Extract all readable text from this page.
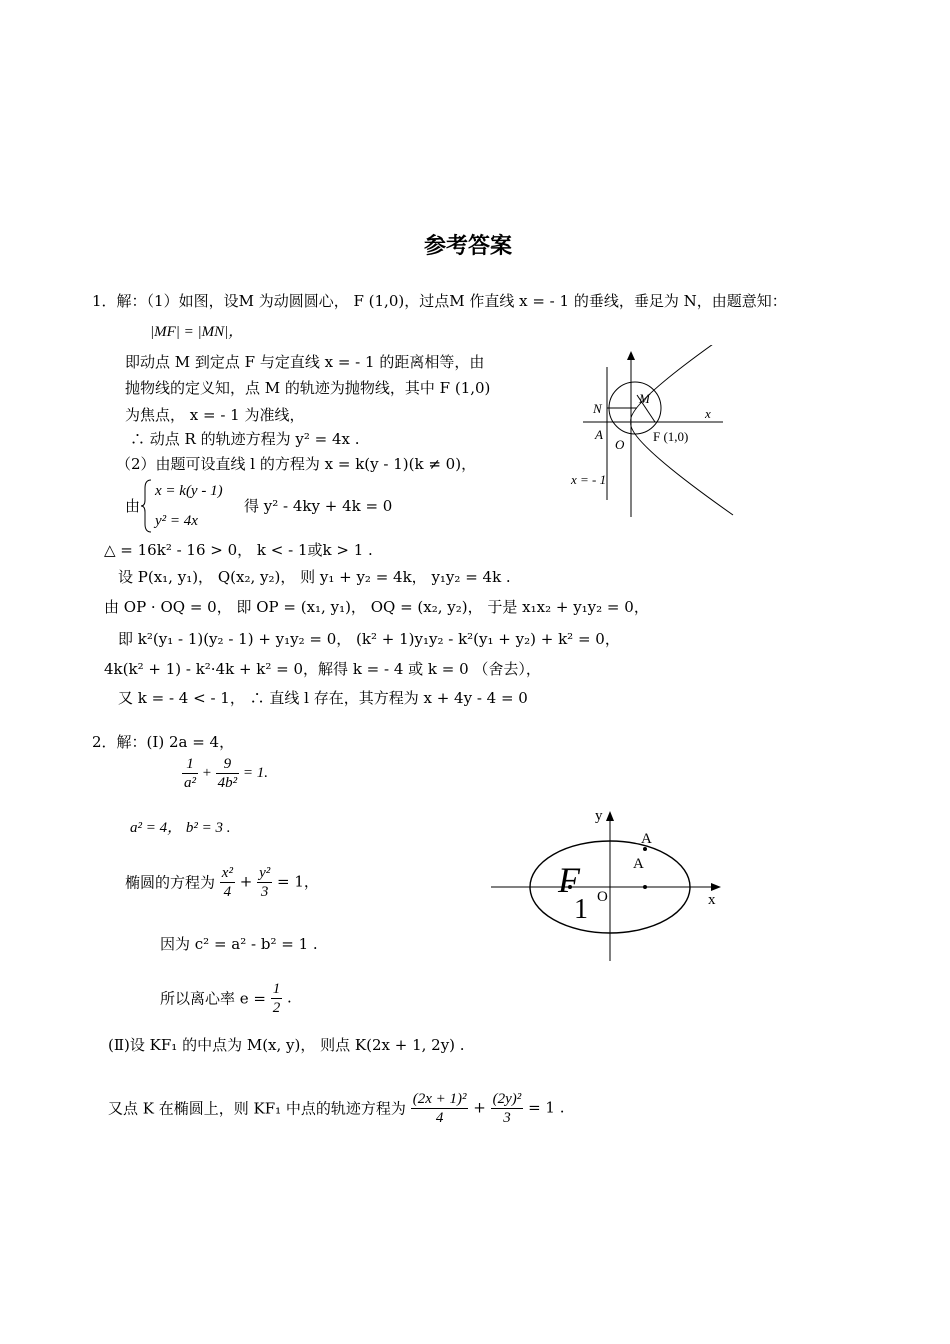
参考答案
1．解：（1）如图，设M 为动圆圆心， F (1,0)，过点M 作直线 x = - 1 的垂线，垂足为 N，由题意知：
|MF| = |MN|，
即动点 M 到定点 F 与定直线 x = - 1 的距离相等，由
抛物线的定义知，点 M 的轨迹为抛物线，其中 F (1,0)
为焦点， x = - 1 为准线，
∴ 动点 R 的轨迹方程为 y² = 4x .
（2）由题可设直线 l 的方程为 x = k(y - 1)(k ≠ 0)，
由
x = k(y - 1)
y² = 4x
得 y² - 4ky + 4k = 0
△ = 16k² - 16 > 0， k < - 1或k > 1 .
设 P(x₁, y₁)， Q(x₂, y₂)， 则 y₁ + y₂ = 4k， y₁y₂ = 4k .
由 OP · OQ = 0， 即 OP = (x₁, y₁)， OQ = (x₂, y₂)， 于是 x₁x₂ + y₁y₂ = 0，
即 k²(y₁ - 1)(y₂ - 1) + y₁y₂ = 0， (k² + 1)y₁y₂ - k²(y₁ + y₂) + k² = 0，
4k(k² + 1) - k²·4k + k² = 0，解得 k = - 4 或 k = 0 （舍去），
又 k = - 4 < - 1， ∴ 直线 l 存在，其方程为 x + 4y - 4 = 0
M
N
A
O
x
F (1,0)
x = - 1
2．解：(Ⅰ) 2a = 4，
$\frac{1}{\text{a²}} + \frac{9}{\text{4b²}} = 1$.
a² = 4， b² = 3 .
椭圆的方程为 $\frac{\text{x²}}{4} + \frac{\text{y²}}{3} = 1$，
因为 c² = a² - b² = 1 .
所以离心率 $e = \frac{1}{2}$ .
(Ⅱ)设 KF₁ 的中点为 M(x, y)， 则点 K(2x + 1, 2y) .
又点 K 在椭圆上，则 KF₁ 中点的轨迹方程为 $\frac{\text{(2x + 1)²}}{4} + \frac{\text{(2y)²}}{3} = 1$ .
y
x
O
A
A
F
1
